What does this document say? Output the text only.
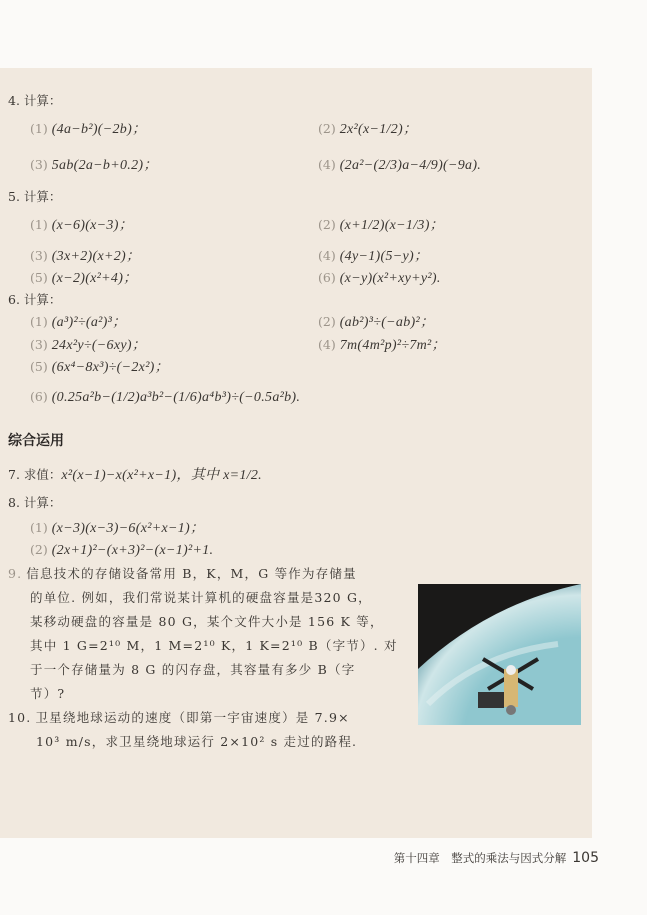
4. 计算：
(1) (4a−b²)(−2b)；	(2) 2x²(x−1/2)；
(3) 5ab(2a−b+0.2)；	(4) (2a²−(2/3)a−4/9)(−9a).
5. 计算：
(1) (x−6)(x−3)；	(2) (x+1/2)(x−1/3)；
(3) (3x+2)(x+2)；	(4) (4y−1)(5−y)；
(5) (x−2)(x²+4)；	(6) (x−y)(x²+xy+y²).
6. 计算：
(1) (a³)²÷(a²)³；	(2) (ab²)³÷(−ab)²；
(3) 24x²y÷(−6xy)；	(4) 7m(4m²p)²÷7m²；
(5) (6x⁴−8x³)÷(−2x²)；
(6) (0.25a²b−(1/2)a³b²−(1/6)a⁴b³)÷(−0.5a²b).
综合运用
7. 求值：x²(x−1)−x(x²+x−1)，其中 x=1/2.
8. 计算：
(1) (x−3)(x−3)−6(x²+x−1)；
(2) (2x+1)²−(x+3)²−(x−1)²+1.
9. 信息技术的存储设备常用 B，K，M，G 等作为存储量
的单位. 例如，我们常说某计算机的硬盘容量是320 G，
某移动硬盘的容量是 80 G，某个文件大小是 156 K 等，
其中 1 G=2¹⁰ M，1 M=2¹⁰ K，1 K=2¹⁰ B（字节）. 对
于一个存储量为 8 G 的闪存盘，其容量有多少 B（字
节）?
10. 卫星绕地球运动的速度（即第一宇宙速度）是 7.9×
10³ m/s，求卫星绕地球运行 2×10² s 走过的路程.
第十四章　整式的乘法与因式分解 105
